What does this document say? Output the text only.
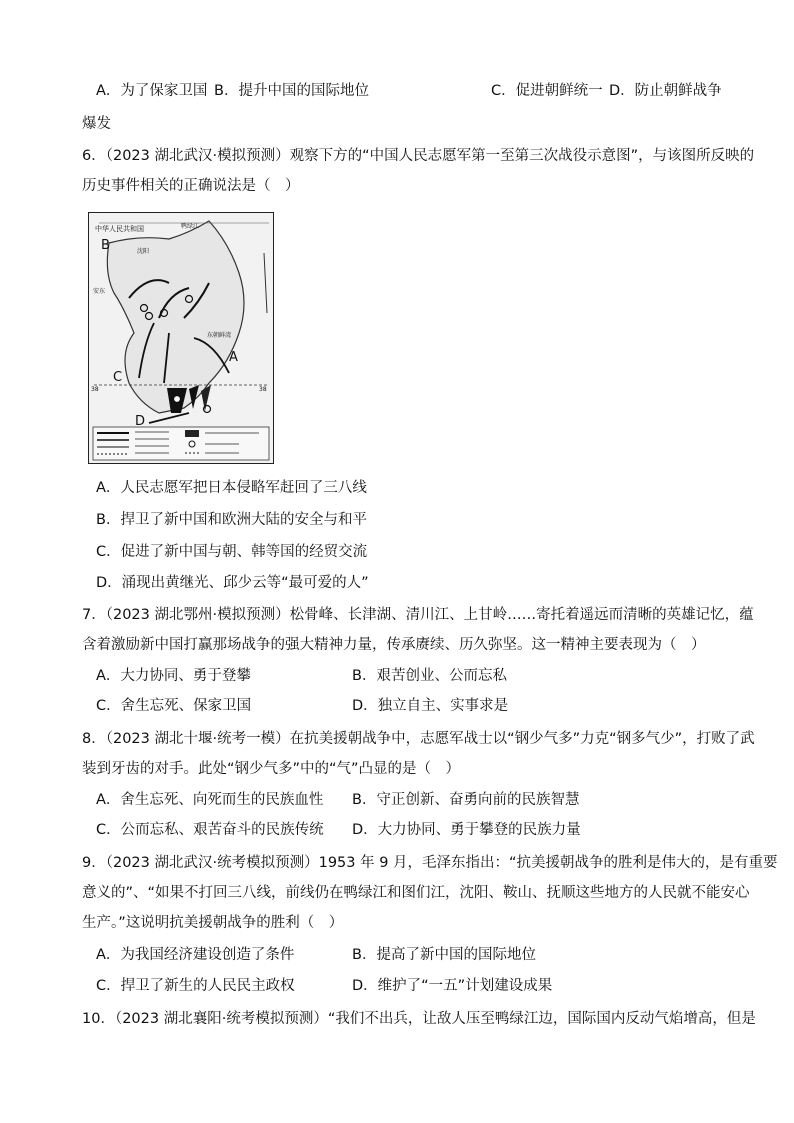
A．为了保家卫国 B．提升中国的国际地位	C．促进朝鲜统一 D．防止朝鲜战争
爆发
6．（2023 湖北武汉·模拟预测）观察下方的“中国人民志愿军第一至第三次战役示意图”，与该图所反映的
历史事件相关的正确说法是（　）
中华人民共和国	鸭绿江
沈阳
安东
东朝鲜湾
B
A
C
D
38	38
A．人民志愿军把日本侵略军赶回了三八线
B．捍卫了新中国和欧洲大陆的安全与和平
C．促进了新中国与朝、韩等国的经贸交流
D．涌现出黄继光、邱少云等“最可爱的人”
7．（2023 湖北鄂州·模拟预测）松骨峰、长津湖、清川江、上甘岭……寄托着遥远而清晰的英雄记忆，蕴
含着激励新中国打赢那场战争的强大精神力量，传承赓续、历久弥坚。这一精神主要表现为（　）
A．大力协同、勇于登攀	B．艰苦创业、公而忘私
C．舍生忘死、保家卫国	D．独立自主、实事求是
8．（2023 湖北十堰·统考一模）在抗美援朝战争中，志愿军战士以“钢少气多”力克“钢多气少”，打败了武
装到牙齿的对手。此处“钢少气多”中的“气”凸显的是（　）
A．舍生忘死、向死而生的民族血性 B．守正创新、奋勇向前的民族智慧
C．公而忘私、艰苦奋斗的民族传统 D．大力协同、勇于攀登的民族力量
9．（2023 湖北武汉·统考模拟预测）1953 年 9 月，毛泽东指出：“抗美援朝战争的胜利是伟大的，是有重要
意义的”、“如果不打回三八线，前线仍在鸭绿江和图们江，沈阳、鞍山、抚顺这些地方的人民就不能安心
生产。”这说明抗美援朝战争的胜利（　）
A．为我国经济建设创造了条件	B．提高了新中国的国际地位
C．捍卫了新生的人民民主政权	D．维护了“一五”计划建设成果
10．（2023 湖北襄阳·统考模拟预测）“我们不出兵，让敌人压至鸭绿江边，国际国内反动气焰增高，但是
